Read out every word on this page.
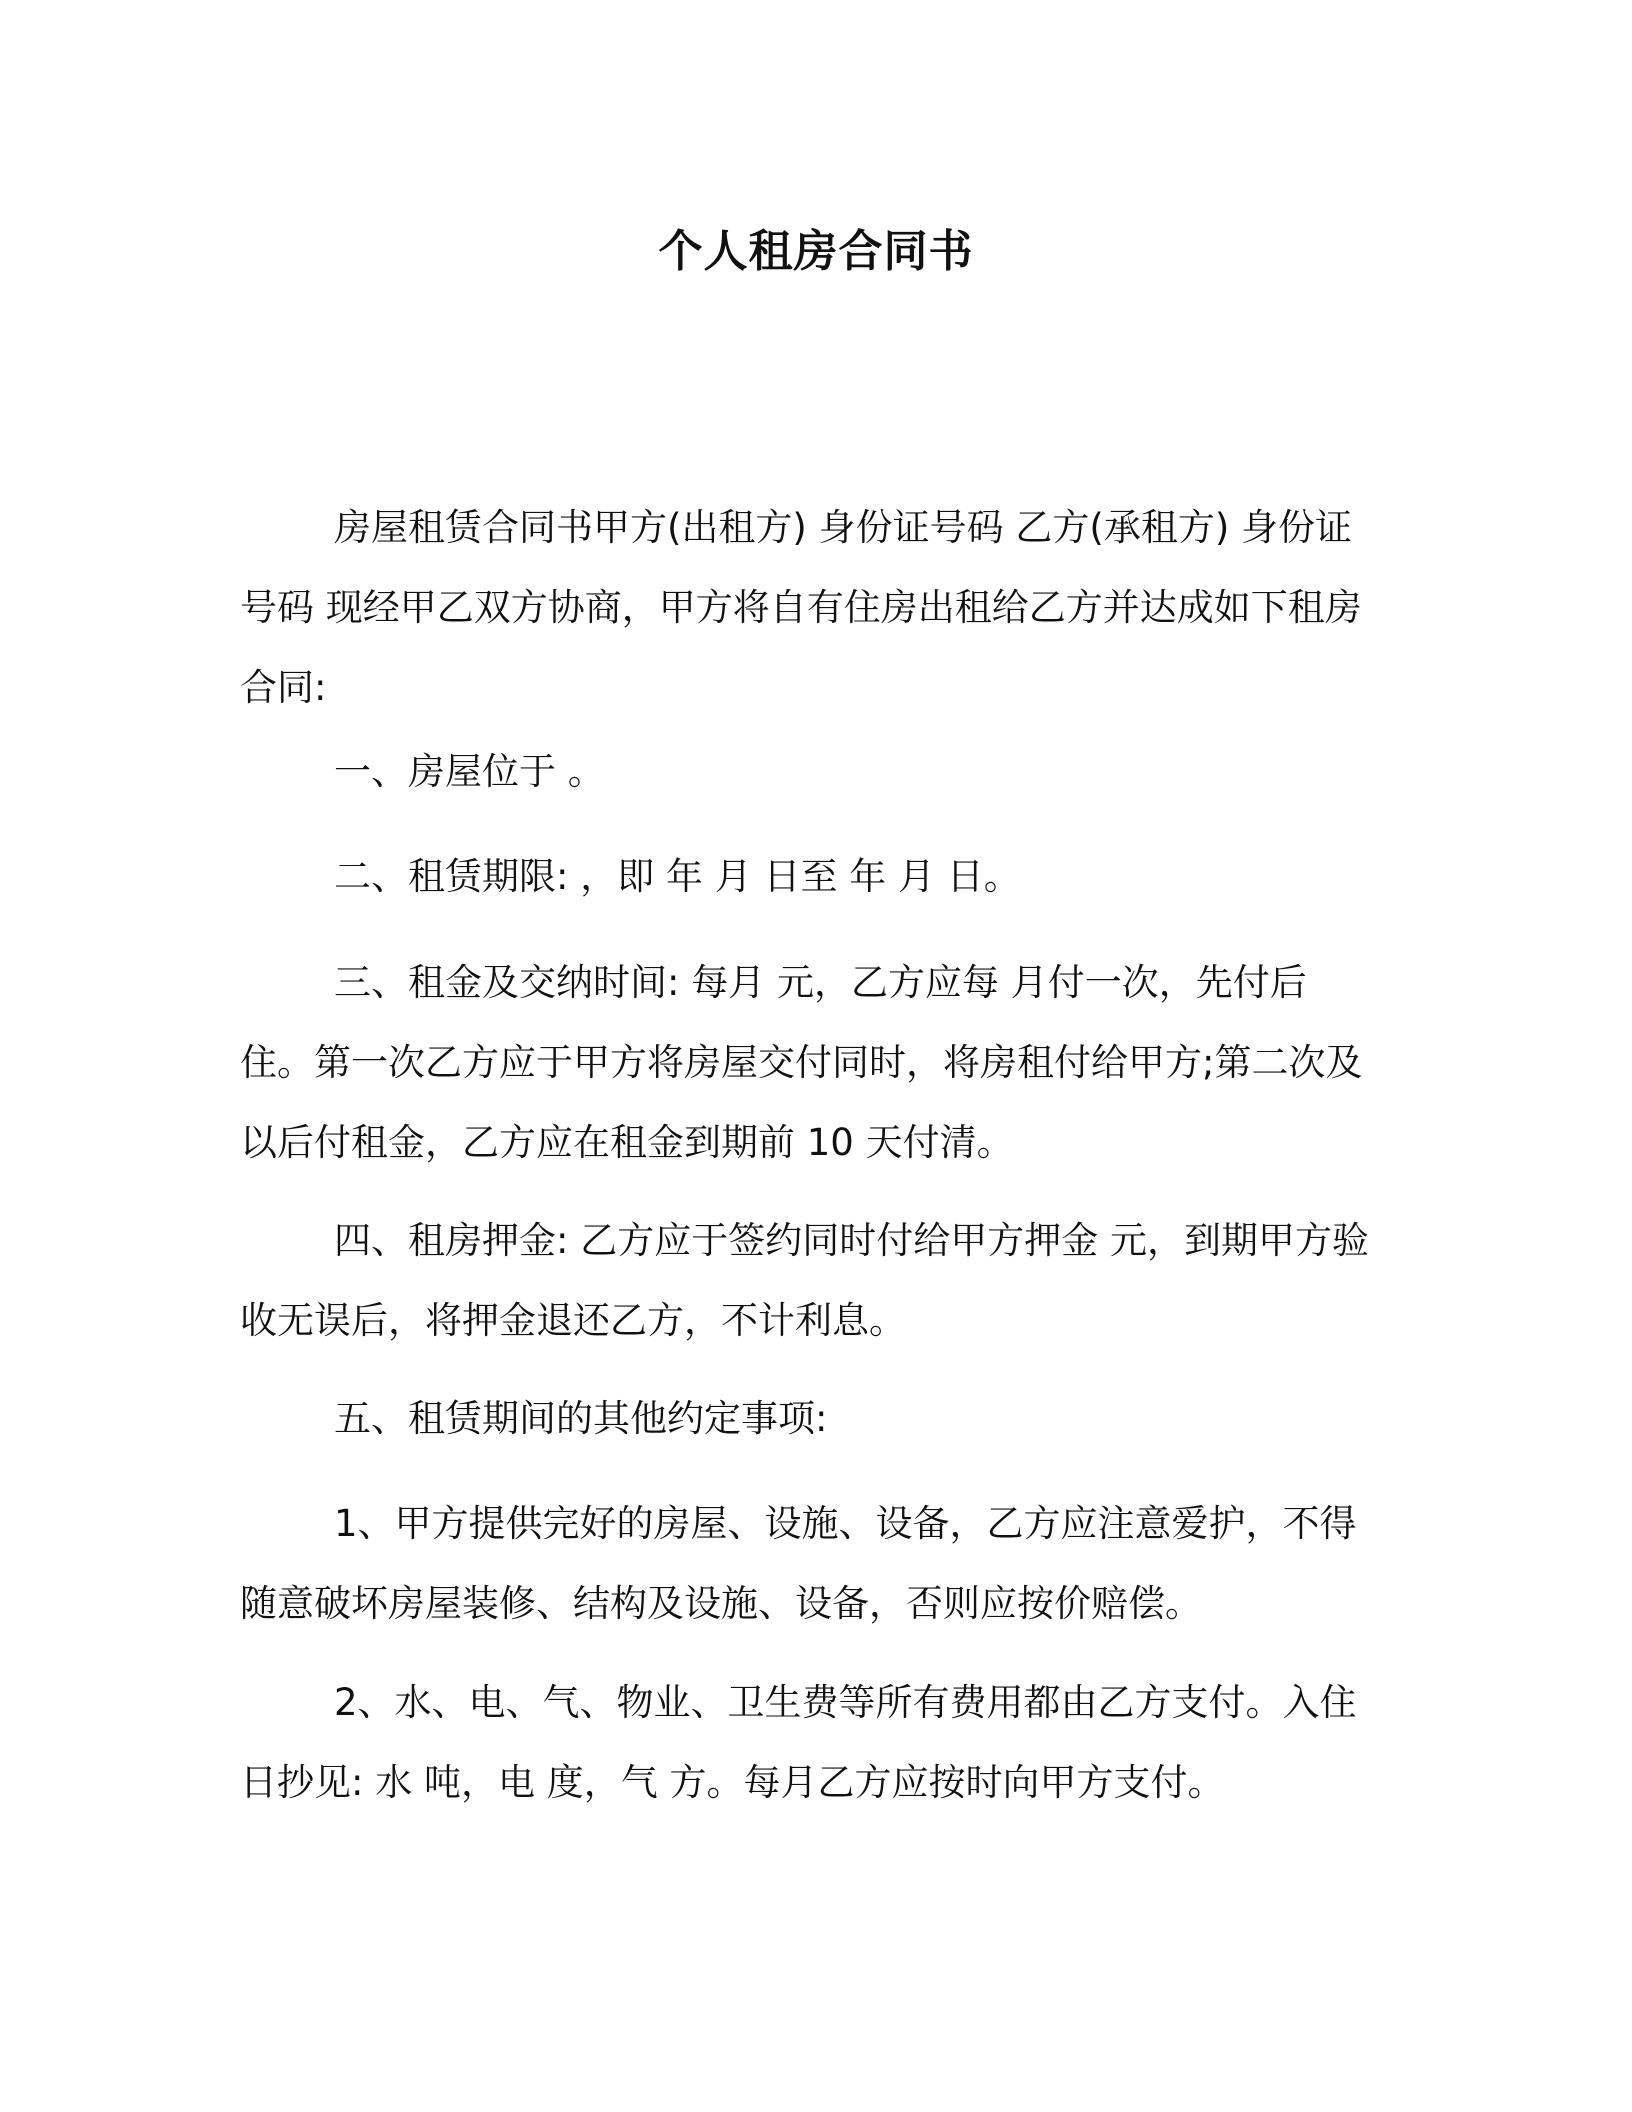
个人租房合同书

房屋租赁合同书甲方(出租方) 身份证号码 乙方(承租方) 身份证号码 现经甲乙双方协商，甲方将自有住房出租给乙方并达成如下租房合同:

一、房屋位于 。

二、租赁期限: ，即 年 月 日至 年 月 日。

三、租金及交纳时间: 每月 元，乙方应每 月付一次，先付后住。第一次乙方应于甲方将房屋交付同时，将房租付给甲方;第二次及以后付租金，乙方应在租金到期前 10 天付清。

四、租房押金: 乙方应于签约同时付给甲方押金 元，到期甲方验收无误后，将押金退还乙方，不计利息。

五、租赁期间的其他约定事项:

1、甲方提供完好的房屋、设施、设备，乙方应注意爱护，不得随意破坏房屋装修、结构及设施、设备，否则应按价赔偿。

2、水、电、气、物业、卫生费等所有费用都由乙方支付。入住日抄见: 水 吨，电 度，气 方。每月乙方应按时向甲方支付。
